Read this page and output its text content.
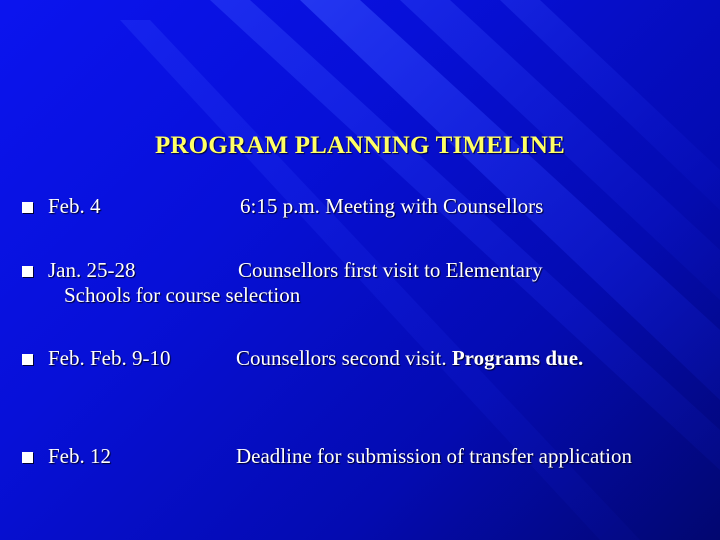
PROGRAM PLANNING TIMELINE
Feb. 4	6:15 p.m. Meeting with Counsellors
Jan. 25-28	Counsellors first visit to Elementary
Schools for course selection
Feb. Feb. 9-10	Counsellors second visit. Programs due.
Feb. 12	Deadline for submission of transfer application
